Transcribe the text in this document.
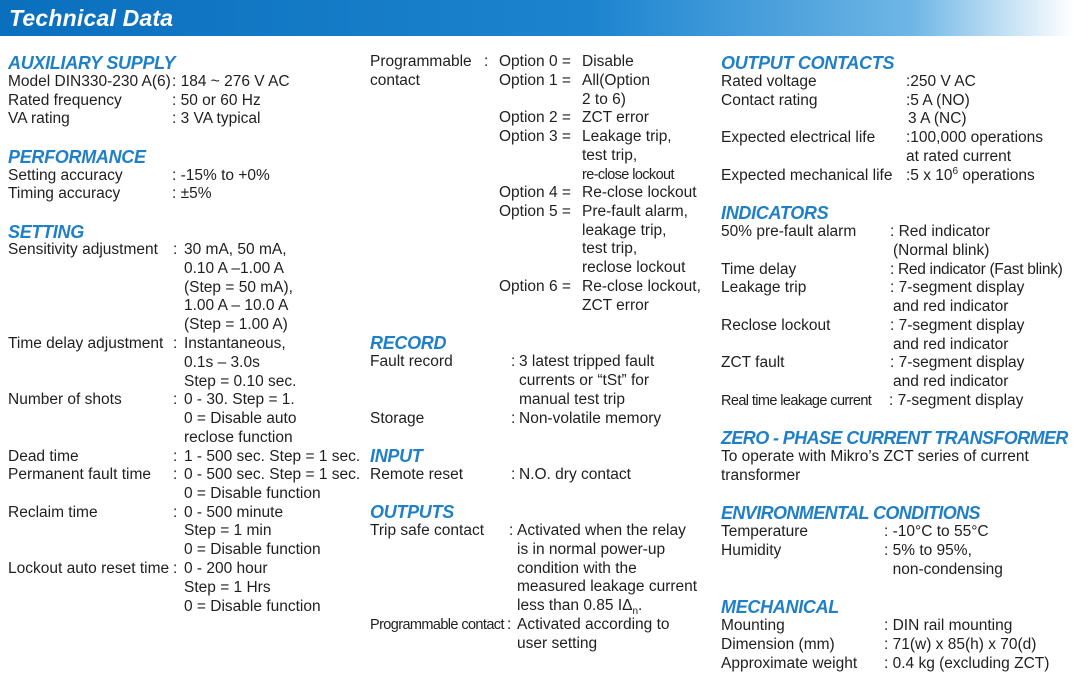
Technical Data
AUXILIARY SUPPLY
Model DIN330-230 A(6) : 184 ~ 276 V AC
Rated frequency	: 50 or 60 Hz
VA rating	: 3 VA typical
PERFORMANCE
Setting accuracy	: -15% to +0%
Timing accuracy	: ±5%
SETTING
Sensitivity adjustment : 30 mA, 50 mA,
0.10 A –1.00 A
(Step = 50 mA),
1.00 A – 10.0 A
(Step = 1.00 A)
Time delay adjustment : Instantaneous,
0.1s – 3.0s
Step = 0.10 sec.
Number of shots	: 0 - 30. Step = 1.
0 = Disable auto
reclose function
Dead time	: 1 - 500 sec. Step = 1 sec.
Permanent fault time : 0 - 500 sec. Step = 1 sec.
0 = Disable function
Reclaim time	: 0 - 500 minute
Step = 1 min
0 = Disable function
Lockout auto reset time : 0 - 200 hour
Step = 1 Hrs
0 = Disable function
Programmable
contact
: Option 0 = Disable
Option 1 = All(Option
2 to 6)
Option 2 = ZCT error
Option 3 = Leakage trip,
test trip,
re-close lockout
Option 4 = Re-close lockout
Option 5 = Pre-fault alarm,
leakage trip,
test trip,
reclose lockout
Option 6 = Re-close lockout,
ZCT error
RECORD
Fault record	: 3 latest tripped fault
currents or “tSt” for
manual test trip
Storage	: Non-volatile memory
INPUT
Remote reset	: N.O. dry contact
OUTPUTS
Trip safe contact : Activated when the relay
is in normal power-up
condition with the
measured leakage current
less than 0.85 $I\Delta_n$.
Programmable contact : Activated according to
user setting
OUTPUT CONTACTS
Rated voltage	:250 V AC
Contact rating	:5 A (NO)
3 A (NC)
Expected electrical life :100,000 operations
at rated current
Expected mechanical life :5 x $10^6$ operations
INDICATORS
50% pre-fault alarm : Red indicator
(Normal blink)
Time delay	: Red indicator (Fast blink)
Leakage trip	: 7-segment display
and red indicator
Reclose lockout	: 7-segment display
and red indicator
ZCT fault	: 7-segment display
and red indicator
Real time leakage current : 7-segment display
ZERO - PHASE CURRENT TRANSFORMER
To operate with Mikro’s ZCT series of current
transformer
ENVIRONMENTAL CONDITIONS
Temperature	: -10°C to 55°C
Humidity	: 5% to 95%,
non-condensing
MECHANICAL
Mounting	: DIN rail mounting
Dimension (mm)	: 71(w) x 85(h) x 70(d)
Approximate weight : 0.4 kg (excluding ZCT)
